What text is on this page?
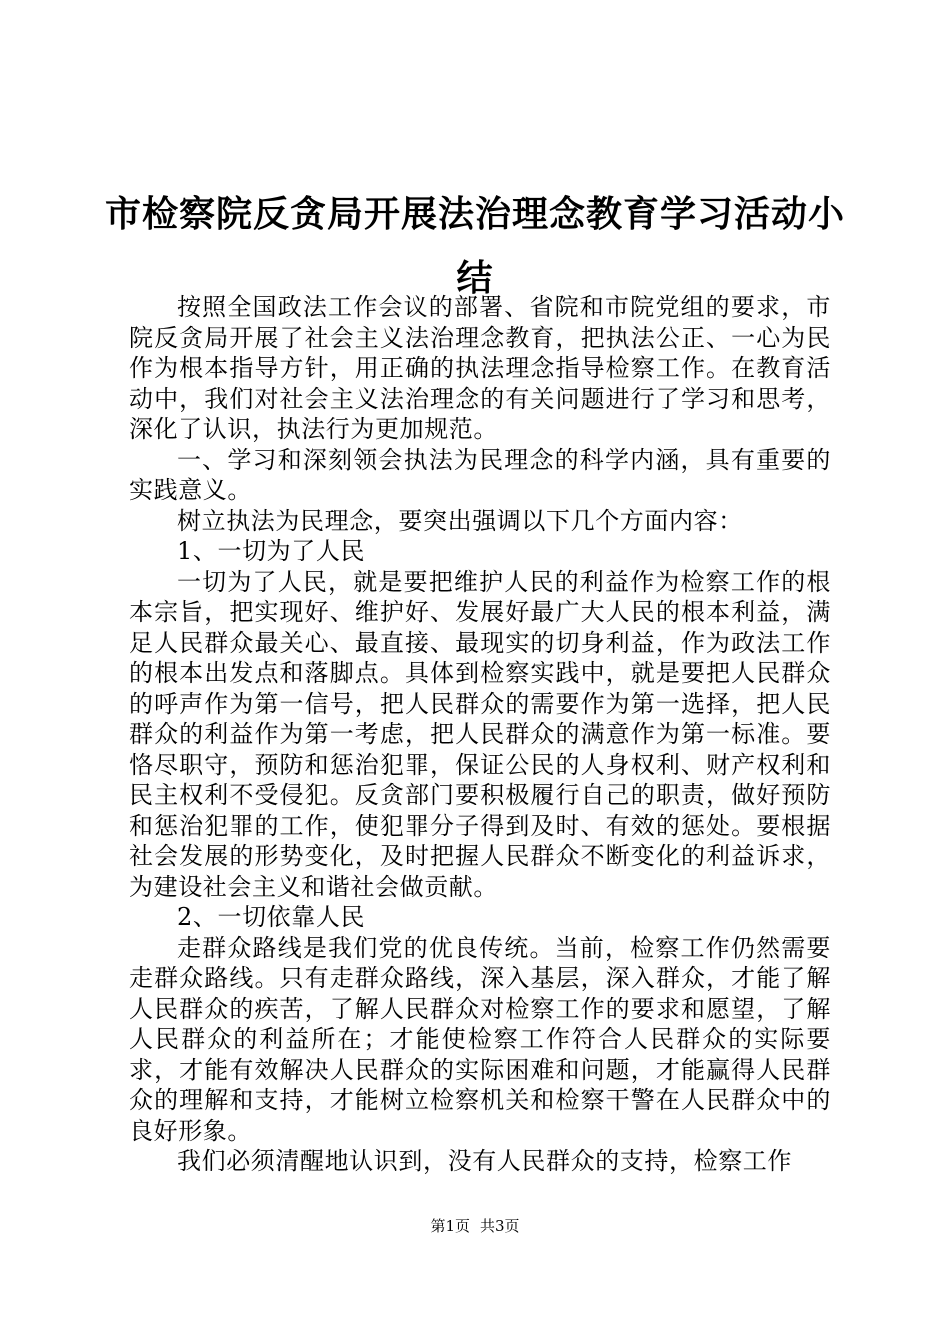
市检察院反贪局开展法治理念教育学习活动小结

按照全国政法工作会议的部署、省院和市院党组的要求，市院反贪局开展了社会主义法治理念教育，把执法公正、一心为民作为根本指导方针，用正确的执法理念指导检察工作。在教育活动中，我们对社会主义法治理念的有关问题进行了学习和思考，深化了认识，执法行为更加规范。

一、学习和深刻领会执法为民理念的科学内涵，具有重要的实践意义。

树立执法为民理念，要突出强调以下几个方面内容：

1、一切为了人民

一切为了人民，就是要把维护人民的利益作为检察工作的根本宗旨，把实现好、维护好、发展好最广大人民的根本利益，满足人民群众最关心、最直接、最现实的切身利益，作为政法工作的根本出发点和落脚点。具体到检察实践中，就是要把人民群众的呼声作为第一信号，把人民群众的需要作为第一选择，把人民群众的利益作为第一考虑，把人民群众的满意作为第一标准。要恪尽职守，预防和惩治犯罪，保证公民的人身权利、财产权利和民主权利不受侵犯。反贪部门要积极履行自己的职责，做好预防和惩治犯罪的工作，使犯罪分子得到及时、有效的惩处。要根据社会发展的形势变化，及时把握人民群众不断变化的利益诉求，为建设社会主义和谐社会做贡献。

2、一切依靠人民

走群众路线是我们党的优良传统。当前，检察工作仍然需要走群众路线。只有走群众路线，深入基层，深入群众，才能了解人民群众的疾苦，了解人民群众对检察工作的要求和愿望，了解人民群众的利益所在；才能使检察工作符合人民群众的实际要求，才能有效解决人民群众的实际困难和问题，才能赢得人民群众的理解和支持，才能树立检察机关和检察干警在人民群众中的良好形象。

我们必须清醒地认识到，没有人民群众的支持，检察工作

第1页 共3页
